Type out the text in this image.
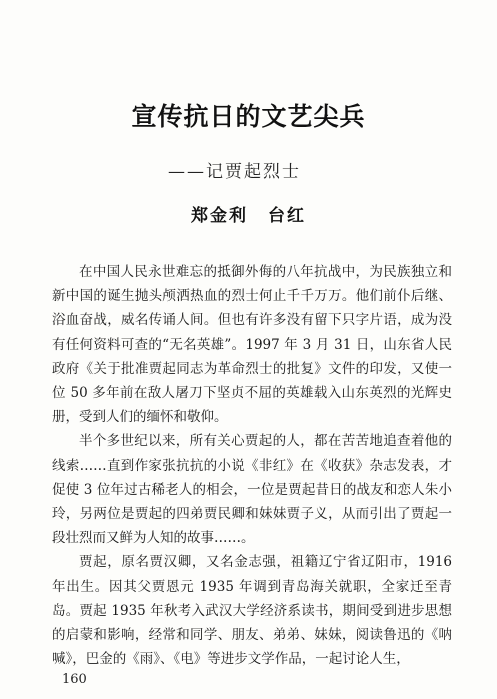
宣传抗日的文艺尖兵
——记贾起烈士
郑金利 台红

在中国人民永世难忘的抵御外侮的八年抗战中，为民族独立和新中国的诞生抛头颅洒热血的烈士何止千千万万。他们前仆后继、浴血奋战，威名传诵人间。但也有许多没有留下只字片语，成为没有任何资料可查的“无名英雄”。1997 年 3 月 31 日，山东省人民政府《关于批准贾起同志为革命烈士的批复》文件的印发，又使一位 50 多年前在敌人屠刀下坚贞不屈的英雄载入山东英烈的光辉史册，受到人们的缅怀和敬仰。

半个多世纪以来，所有关心贾起的人，都在苦苦地追查着他的线索……直到作家张抗抗的小说《非红》在《收获》杂志发表，才促使 3 位年过古稀老人的相会，一位是贾起昔日的战友和恋人朱小玲，另两位是贾起的四弟贾民卿和妹妹贾子义，从而引出了贾起一段壮烈而又鲜为人知的故事……。

贾起，原名贾汉卿，又名金志强，祖籍辽宁省辽阳市，1916 年出生。因其父贾恩元 1935 年调到青岛海关就职，全家迁至青岛。贾起 1935 年秋考入武汉大学经济系读书，期间受到进步思想的启蒙和影响，经常和同学、朋友、弟弟、妹妹，阅读鲁迅的《呐喊》，巴金的《雨》、《电》等进步文学作品，一起讨论人生，

160
